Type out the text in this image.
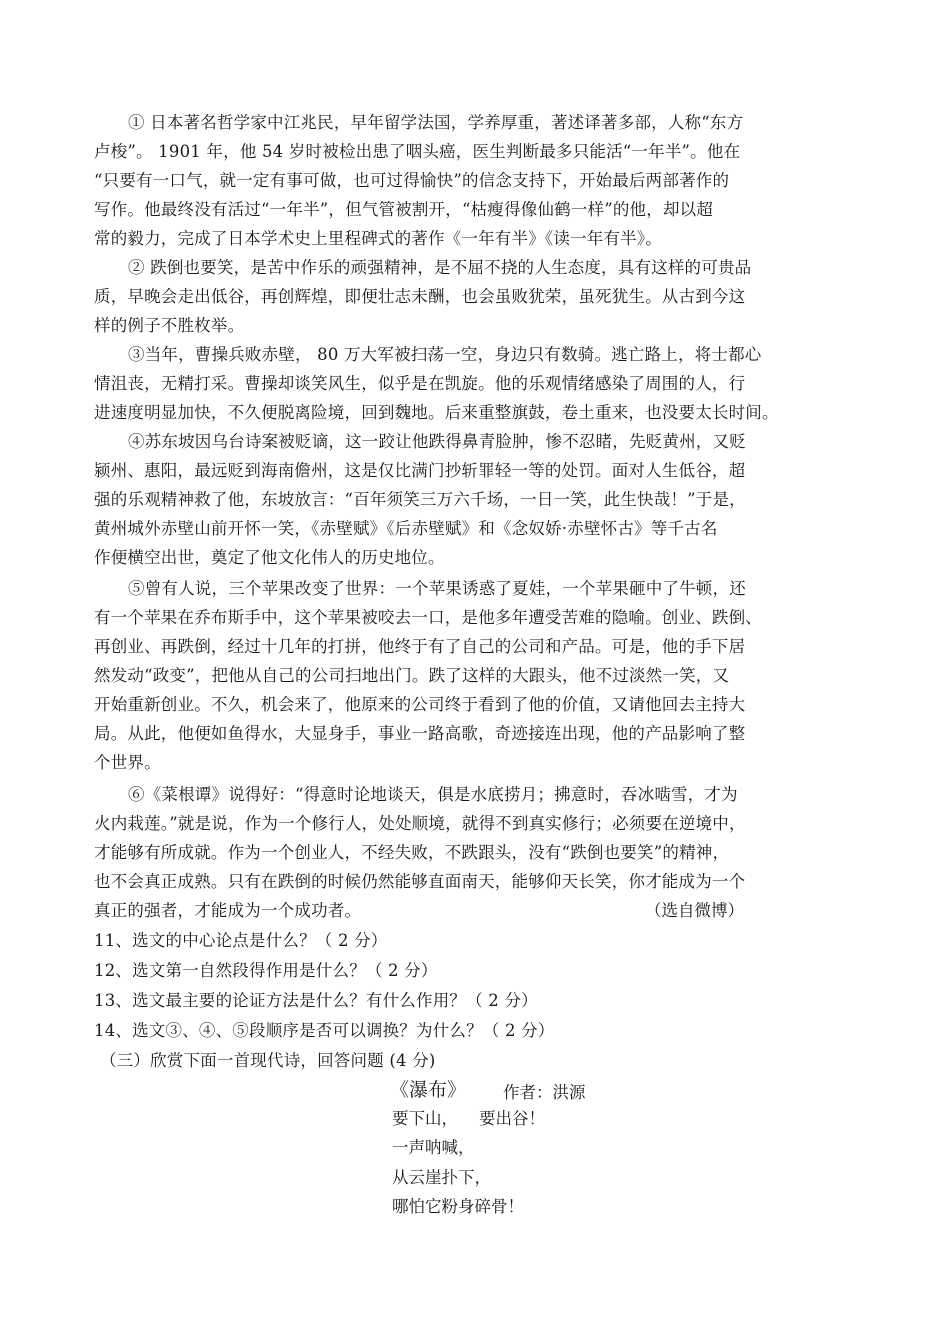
① 日本著名哲学家中江兆民，早年留学法国，学养厚重，著述译著多部，人称“东方
卢梭”。 1901 年，他 54 岁时被检出患了咽头癌，医生判断最多只能活“一年半”。他在
“只要有一口气，就一定有事可做，也可过得愉快”的信念支持下，开始最后两部著作的
写作。他最终没有活过“一年半”，但气管被割开，“枯瘦得像仙鹤一样”的他，却以超
常的毅力，完成了日本学术史上里程碑式的著作《一年有半》《读一年有半》。
② 跌倒也要笑，是苦中作乐的顽强精神，是不屈不挠的人生态度，具有这样的可贵品
质，早晚会走出低谷，再创辉煌，即便壮志未酬，也会虽败犹荣，虽死犹生。从古到今这
样的例子不胜枚举。
③当年，曹操兵败赤壁， 80 万大军被扫荡一空，身边只有数骑。逃亡路上，将士都心
情沮丧，无精打采。曹操却谈笑风生，似乎是在凯旋。他的乐观情绪感染了周围的人，行
进速度明显加快，不久便脱离险境，回到魏地。后来重整旗鼓，卷土重来，也没要太长时间。
④苏东坡因乌台诗案被贬谪，这一跤让他跌得鼻青脸肿，惨不忍睹，先贬黄州，又贬
颍州、惠阳，最远贬到海南儋州，这是仅比满门抄斩罪轻一等的处罚。面对人生低谷，超
强的乐观精神救了他，东坡放言：“百年须笑三万六千场，一日一笑，此生快哉！”于是，
黄州城外赤壁山前开怀一笑，《赤壁赋》《后赤壁赋》和《念奴娇·赤壁怀古》等千古名
作便横空出世，奠定了他文化伟人的历史地位。
⑤曾有人说，三个苹果改变了世界：一个苹果诱惑了夏娃，一个苹果砸中了牛顿，还
有一个苹果在乔布斯手中，这个苹果被咬去一口，是他多年遭受苦难的隐喻。创业、跌倒、
再创业、再跌倒，经过十几年的打拼，他终于有了自己的公司和产品。可是，他的手下居
然发动“政变”，把他从自己的公司扫地出门。跌了这样的大跟头，他不过淡然一笑，又
开始重新创业。不久，机会来了，他原来的公司终于看到了他的价值，又请他回去主持大
局。从此，他便如鱼得水，大显身手，事业一路高歌，奇迹接连出现，他的产品影响了整
个世界。
⑥《菜根谭》说得好：“得意时论地谈天，俱是水底捞月；拂意时，吞冰啮雪，才为
火内栽莲。”就是说，作为一个修行人，处处顺境，就得不到真实修行；必须要在逆境中，
才能够有所成就。作为一个创业人，不经失败，不跌跟头，没有“跌倒也要笑”的精神，
也不会真正成熟。只有在跌倒的时候仍然能够直面南天，能够仰天长笑，你才能成为一个
真正的强者，才能成为一个成功者。	（选自微博）
11、选文的中心论点是什么？（ 2 分）
12、选文第一自然段得作用是什么？（ 2 分）
13、选文最主要的论证方法是什么？有什么作用？（ 2 分）
14、选文③、④、⑤段顺序是否可以调换？为什么？（ 2 分）
（三）欣赏下面一首现代诗，回答问题 (4 分)
《瀑布》 作者：洪源
要下山，    要出谷！
一声呐喊，
从云崖扑下，
哪怕它粉身碎骨！
